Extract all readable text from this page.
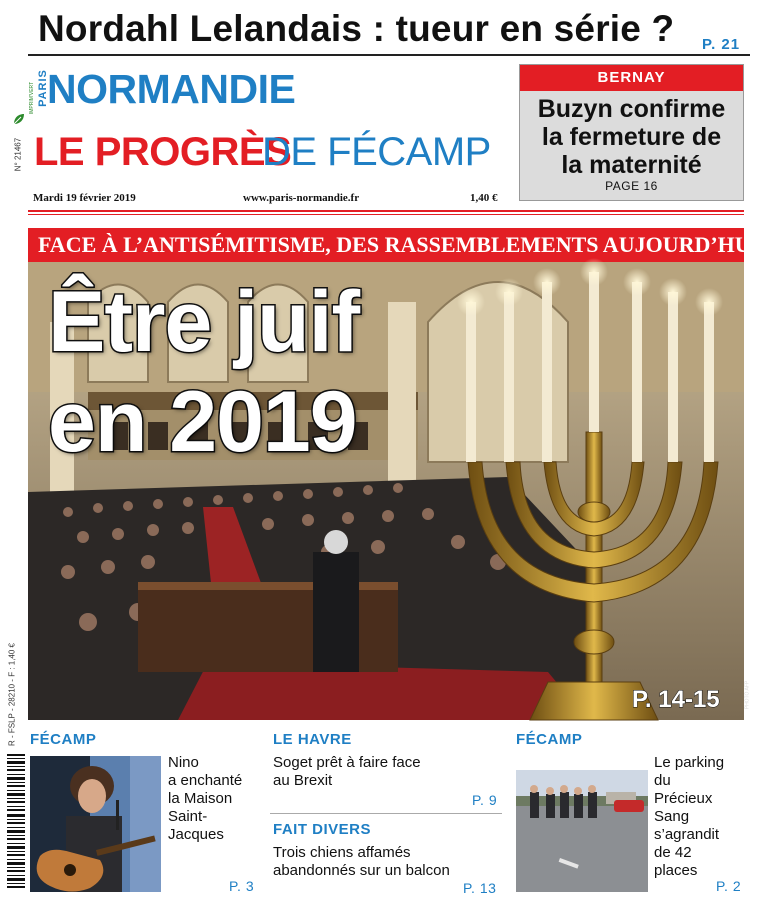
Nordahl Lelandais : tueur en série ? P. 21
IMPRIM'VERT
N° 21467
R - FSLP - 28210 - F : 1,40 €
PARIS
NORMANDIE
LE PROGRÈS
DE FÉCAMP
Mardi 19 février 2019	www.paris-normandie.fr	1,40 €
BERNAY
Buzyn confirme
la fermeture de
la maternité
PAGE 16
FACE À L’ANTISÉMITISME, DES RASSEMBLEMENTS AUJOURD’HUI
Être juif
en 2019
P. 14-15	PHOTO AFP
FÉCAMP
Nino
a enchanté
la Maison
Saint-
Jacques
P. 3
LE HAVRE
Soget prêt à faire face
au Brexit
P. 9
FAIT DIVERS
Trois chiens affamés
abandonnés sur un balcon
P. 13
FÉCAMP
Le parking
du
Précieux
Sang
s’agrandit
de 42
places
P. 2
